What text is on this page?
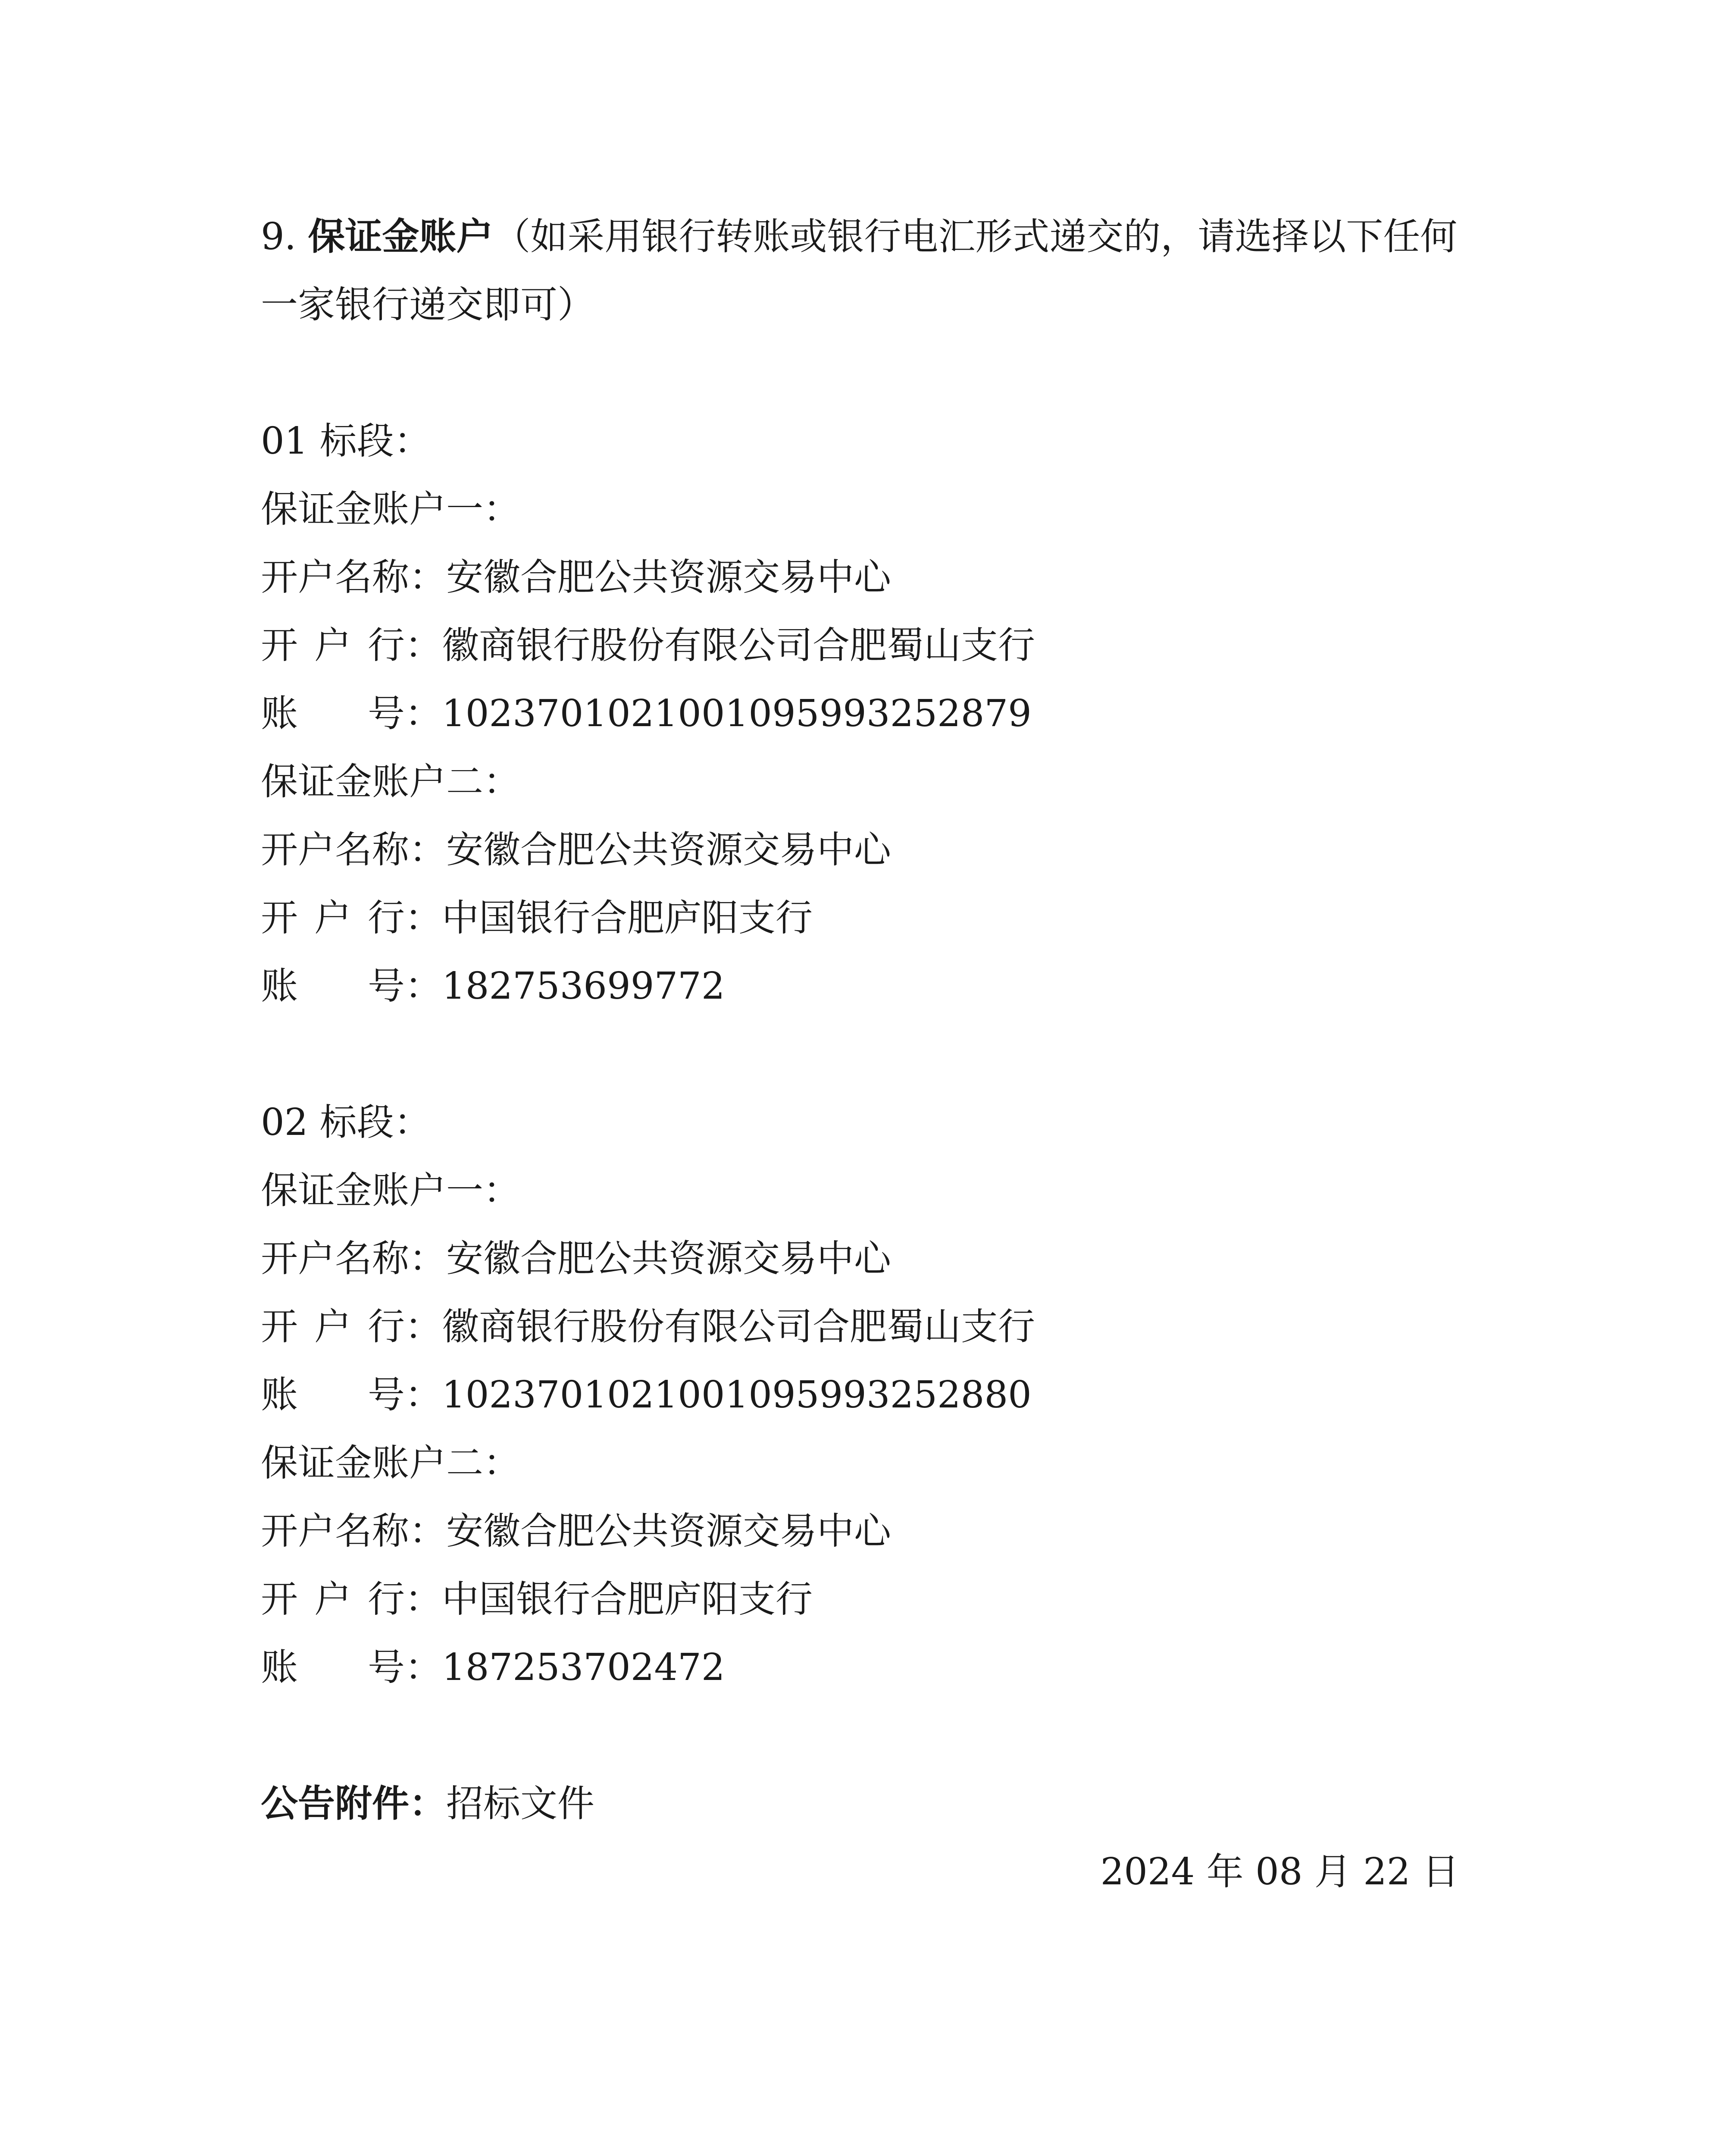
9. 保证金账户（如采用银行转账或银行电汇形式递交的，请选择以下任何一家银行递交即可）

01 标段：

保证金账户一：

开户名称：安徽合肥公共资源交易中心

开 户 行： 徽商银行股份有限公司合肥蜀山支行

账 号： 1023701021001095993252879

保证金账户二：

开户名称：安徽合肥公共资源交易中心

开 户 行： 中国银行合肥庐阳支行

账 号： 182753699772

02 标段：

保证金账户一：

开户名称：安徽合肥公共资源交易中心

开 户 行： 徽商银行股份有限公司合肥蜀山支行

账 号： 1023701021001095993252880

保证金账户二：

开户名称：安徽合肥公共资源交易中心

开 户 行： 中国银行合肥庐阳支行

账 号： 187253702472

公告附件：招标文件

2024 年 08 月 22 日
